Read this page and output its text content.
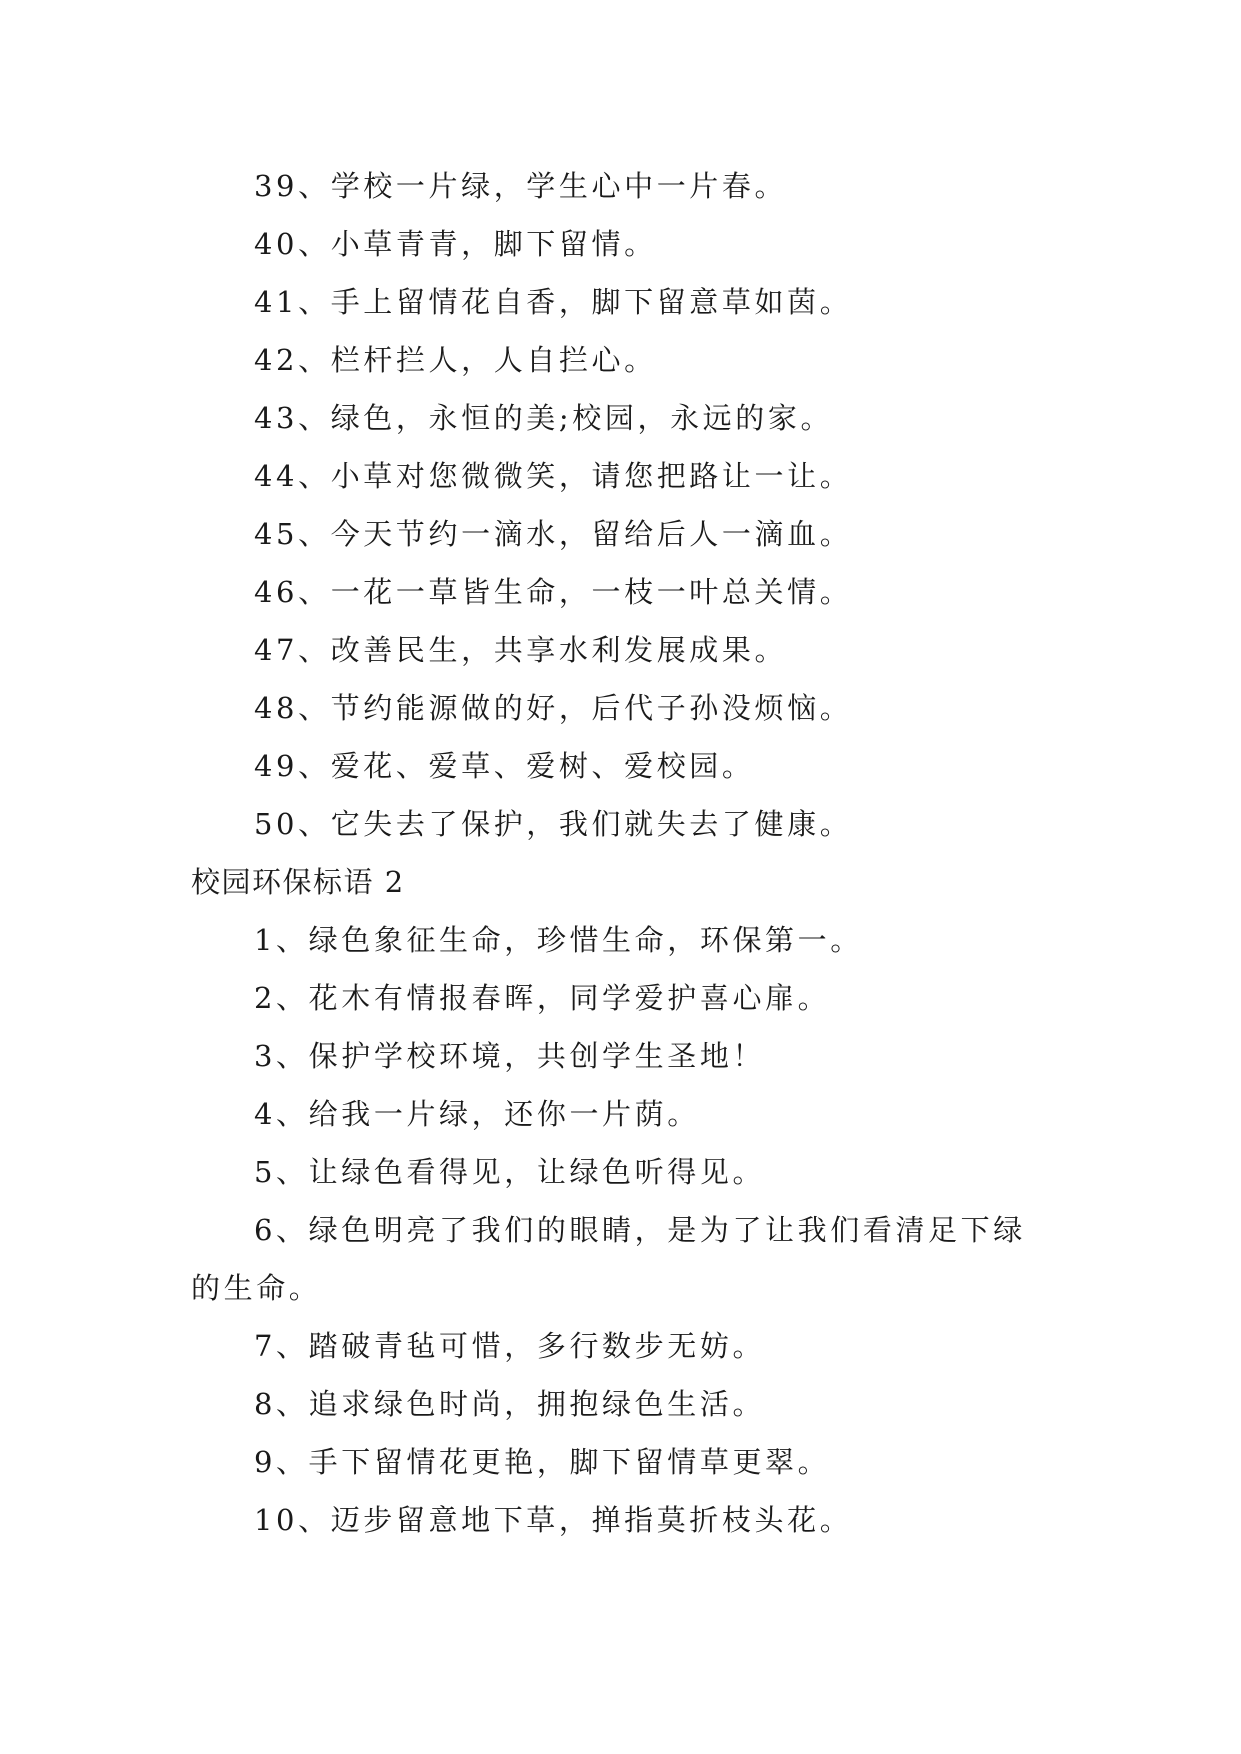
39、学校一片绿，学生心中一片春。
40、小草青青，脚下留情。
41、手上留情花自香，脚下留意草如茵。
42、栏杆拦人，人自拦心。
43、绿色，永恒的美;校园，永远的家。
44、小草对您微微笑，请您把路让一让。
45、今天节约一滴水，留给后人一滴血。
46、一花一草皆生命，一枝一叶总关情。
47、改善民生，共享水利发展成果。
48、节约能源做的好，后代子孙没烦恼。
49、爱花、爱草、爱树、爱校园。
50、它失去了保护，我们就失去了健康。
校园环保标语 2
1、绿色象征生命，珍惜生命，环保第一。
2、花木有情报春晖，同学爱护喜心扉。
3、保护学校环境，共创学生圣地！
4、给我一片绿，还你一片荫。
5、让绿色看得见，让绿色听得见。
6、绿色明亮了我们的眼睛，是为了让我们看清足下绿
的生命。
7、踏破青毡可惜，多行数步无妨。
8、追求绿色时尚，拥抱绿色生活。
9、手下留情花更艳，脚下留情草更翠。
10、迈步留意地下草，掸指莫折枝头花。
